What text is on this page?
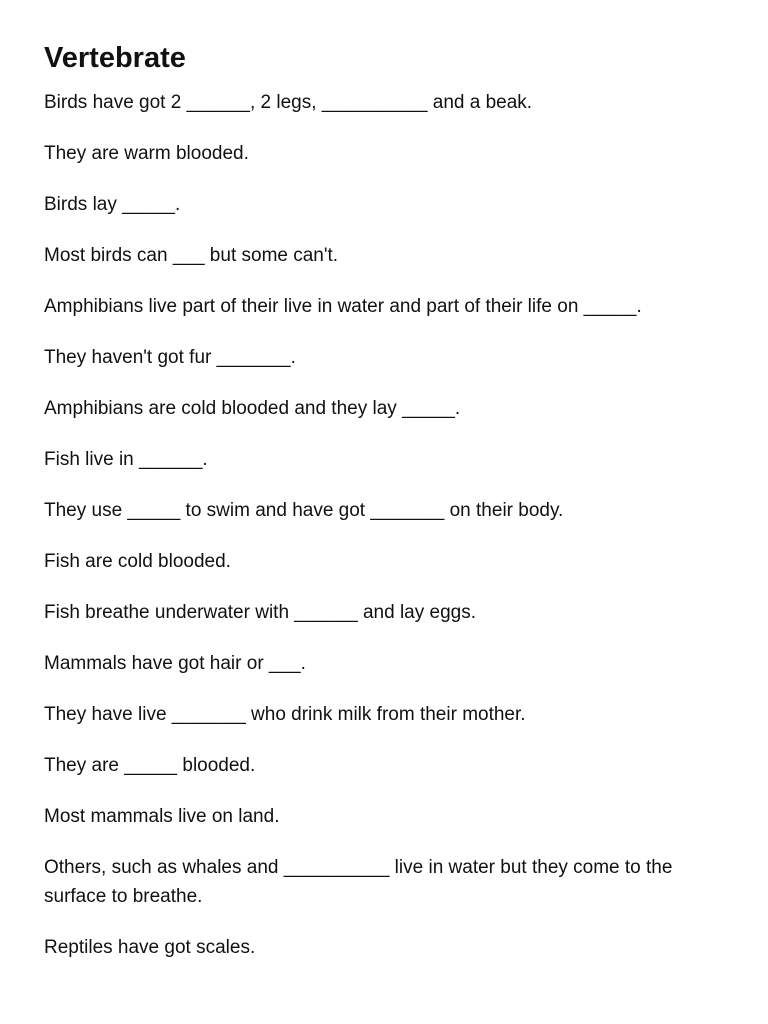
Vertebrate

Birds have got 2 ______, 2 legs, __________ and a beak.

They are warm blooded.

Birds lay _____.

Most birds can ___ but some can't.

Amphibians live part of their live in water and part of their life on _____.

They haven't got fur _______.

Amphibians are cold blooded and they lay _____.

Fish live in ______.

They use _____ to swim and have got _______ on their body.

Fish are cold blooded.

Fish breathe underwater with ______ and lay eggs.

Mammals have got hair or ___.

They have live _______ who drink milk from their mother.

They are _____ blooded.

Most mammals live on land.

Others, such as whales and __________ live in water but they come to the surface to breathe.

Reptiles have got scales.
